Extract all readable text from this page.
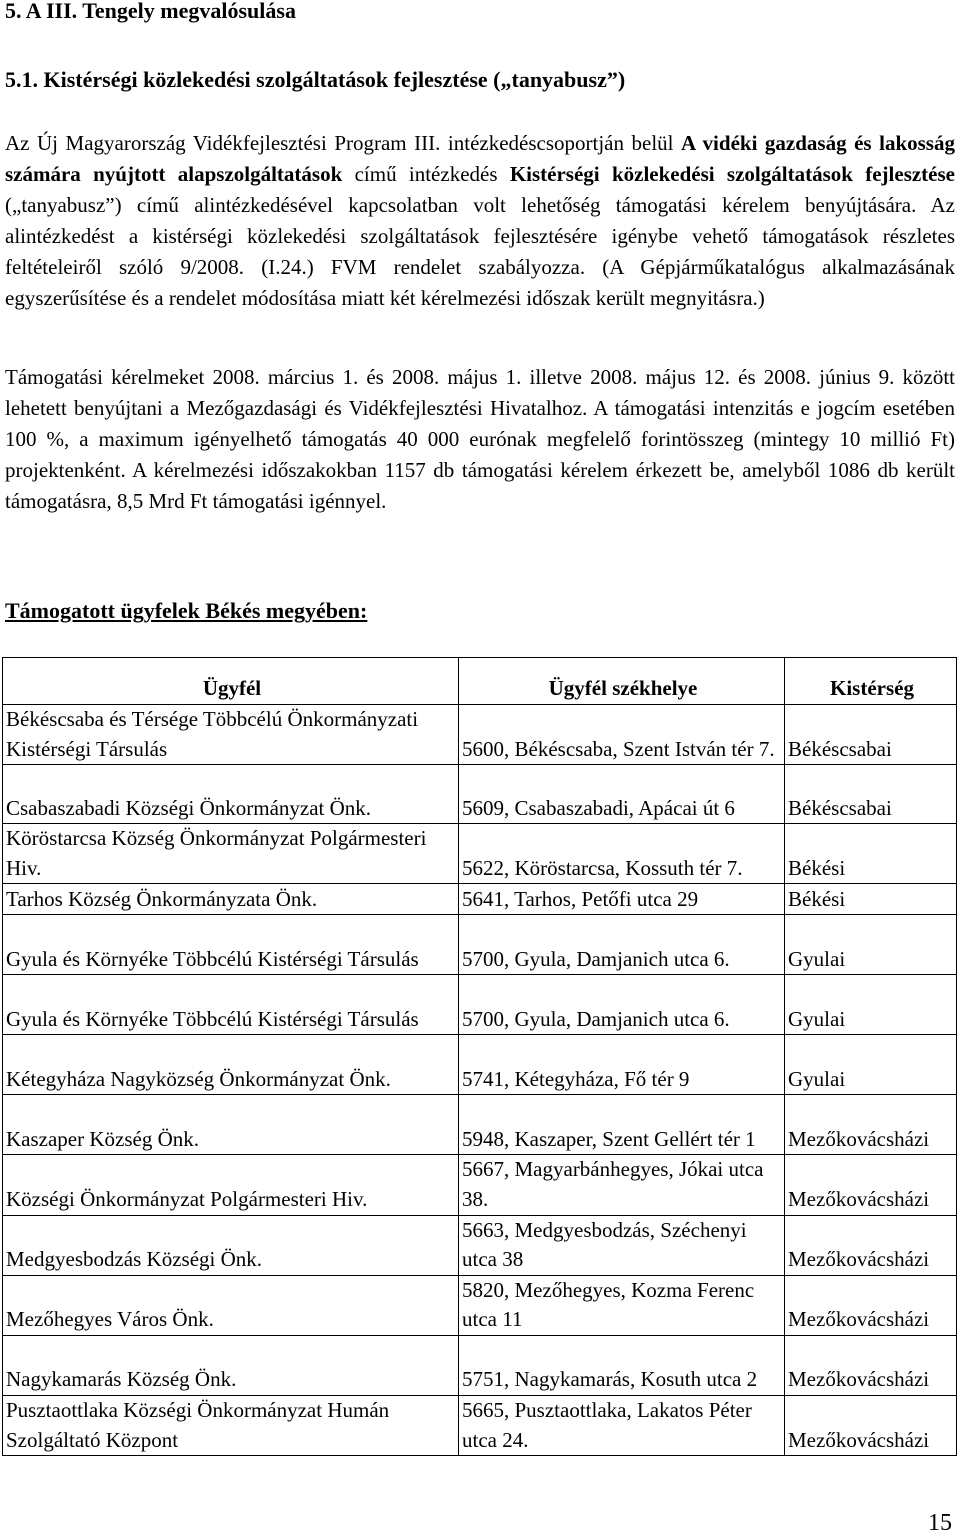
5. A III. Tengely megvalósulása
5.1. Kistérségi közlekedési szolgáltatások fejlesztése („tanyabusz”)

Az Új Magyarország Vidékfejlesztési Program III. intézkedéscsoportján belül A vidéki gazdaság és lakosság számára nyújtott alapszolgáltatások című intézkedés Kistérségi közlekedési szolgáltatások fejlesztése („tanyabusz”) című alintézkedésével kapcsolatban volt lehetőség támogatási kérelem benyújtására. Az alintézkedést a kistérségi közlekedési szolgáltatások fejlesztésére igénybe vehető támogatások részletes feltételeiről szóló 9/2008. (I.24.) FVM rendelet szabályozza. (A Gépjárműkatalógus alkalmazásának egyszerűsítése és a rendelet módosítása miatt két kérelmezési időszak került megnyitásra.)

Támogatási kérelmeket 2008. március 1. és 2008. május 1. illetve 2008. május 12. és 2008. június 9. között lehetett benyújtani a Mezőgazdasági és Vidékfejlesztési Hivatalhoz. A támogatási intenzitás e jogcím esetében 100 %, a maximum igényelhető támogatás 40 000 eurónak megfelelő forintösszeg (mintegy 10 millió Ft) projektenként. A kérelmezési időszakokban 1157 db támogatási kérelem érkezett be, amelyből 1086 db került támogatásra, 8,5 Mrd Ft támogatási igénnyel.

Támogatott ügyfelek Békés megyében:
Ügyfél	Ügyfél székhelye	Kistérség
Békéscsaba és Térsége Többcélú Önkormányzati Kistérségi Társulás	5600, Békéscsaba, Szent István tér 7.	Békéscsabai
Csabaszabadi Községi Önkormányzat Önk.	5609, Csabaszabadi, Apácai út 6	Békéscsabai
Köröstarcsa Község Önkormányzat Polgármesteri Hiv.	5622, Köröstarcsa, Kossuth tér 7.	Békési
Tarhos Község Önkormányzata Önk.	5641, Tarhos, Petőfi utca 29	Békési
Gyula és Környéke Többcélú Kistérségi Társulás	5700, Gyula, Damjanich utca 6.	Gyulai
Gyula és Környéke Többcélú Kistérségi Társulás	5700, Gyula, Damjanich utca 6.	Gyulai
Kétegyháza Nagyközség Önkormányzat Önk.	5741, Kétegyháza, Fő tér 9	Gyulai
Kaszaper Község Önk.	5948, Kaszaper, Szent Gellért tér 1	Mezőkovácsházi
Községi Önkormányzat Polgármesteri Hiv.	5667, Magyarbánhegyes, Jókai utca 38.	Mezőkovácsházi
Medgyesbodzás Községi Önk.	5663, Medgyesbodzás, Széchenyi utca 38	Mezőkovácsházi
Mezőhegyes Város Önk.	5820, Mezőhegyes, Kozma Ferenc utca 11	Mezőkovácsházi
Nagykamarás Község Önk.	5751, Nagykamarás, Kosuth utca 2	Mezőkovácsházi
Pusztaottlaka Községi Önkormányzat Humán Szolgáltató Központ	5665, Pusztaottlaka, Lakatos Péter utca 24.	Mezőkovácsházi
15
